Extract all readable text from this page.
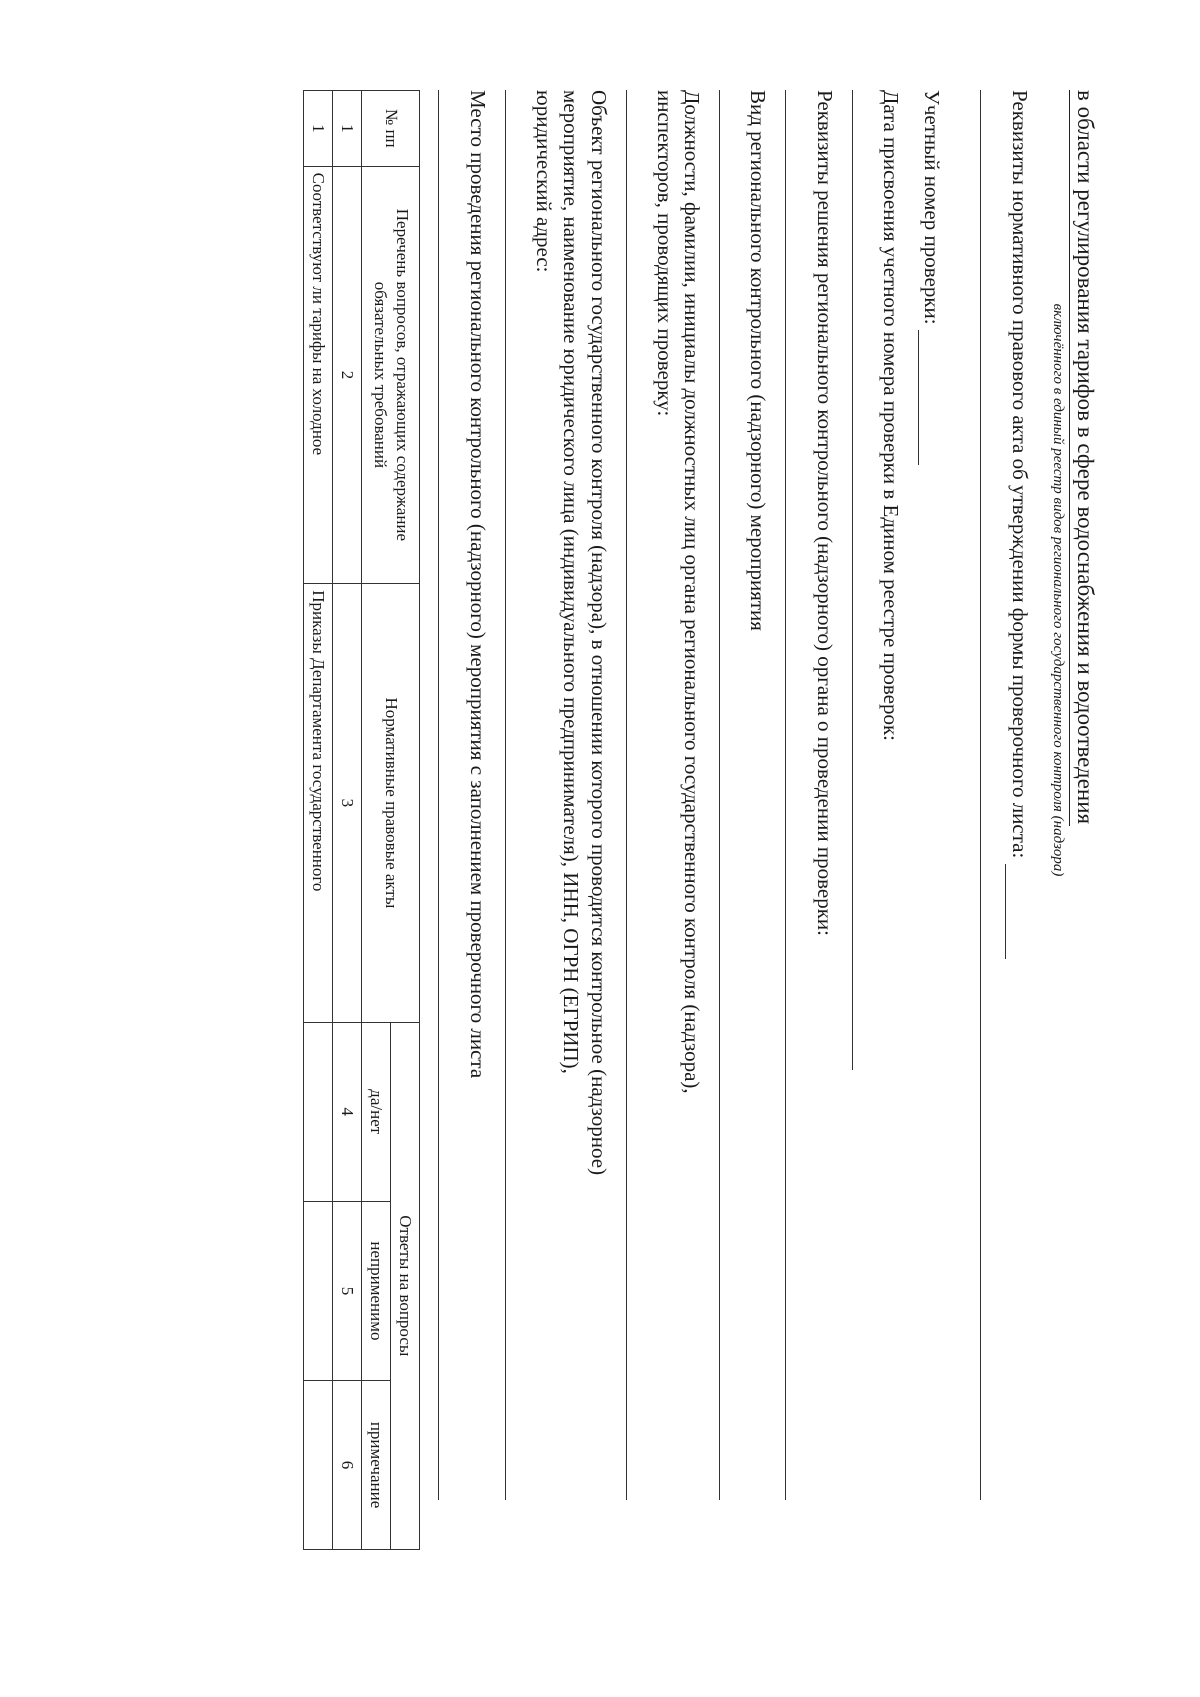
в области регулирования тарифов в сфере водоснабжения и водоотведения
включённого в единый реестр видов регионального государственного контроля (надзора)
Реквизиты нормативного правового акта об утверждении формы проверочного листа:
Учетный номер проверки:
Дата присвоения учетного номера проверки в Едином реестре проверок:
Реквизиты решения регионального контрольного (надзорного) органа о проведении проверки:
Вид регионального контрольного (надзорного) мероприятия
Должности, фамилии, инициалы должностных лиц органа регионального государственного контроля (надзора),
инспекторов, проводящих проверку:
Объект регионального государственного контроля (надзора), в отношении которого проводится контрольное (надзорное)
мероприятие, наименование юридического лица (индивидуального предпринимателя), ИНН, ОГРН (ЕГРИП),
юридический адрес:
Место проведения регионального контрольного (надзорного) мероприятия с заполнением проверочного листа
№ пп	Перечень вопросов, отражающих содержание обязательных требований	Нормативные правовые акты	Ответы на вопросы		
			да/нет	неприменимо	примечание
1	2	3	4	5	6
1	Соответствуют ли тарифы на холодное	Приказы Департамента государственного			
